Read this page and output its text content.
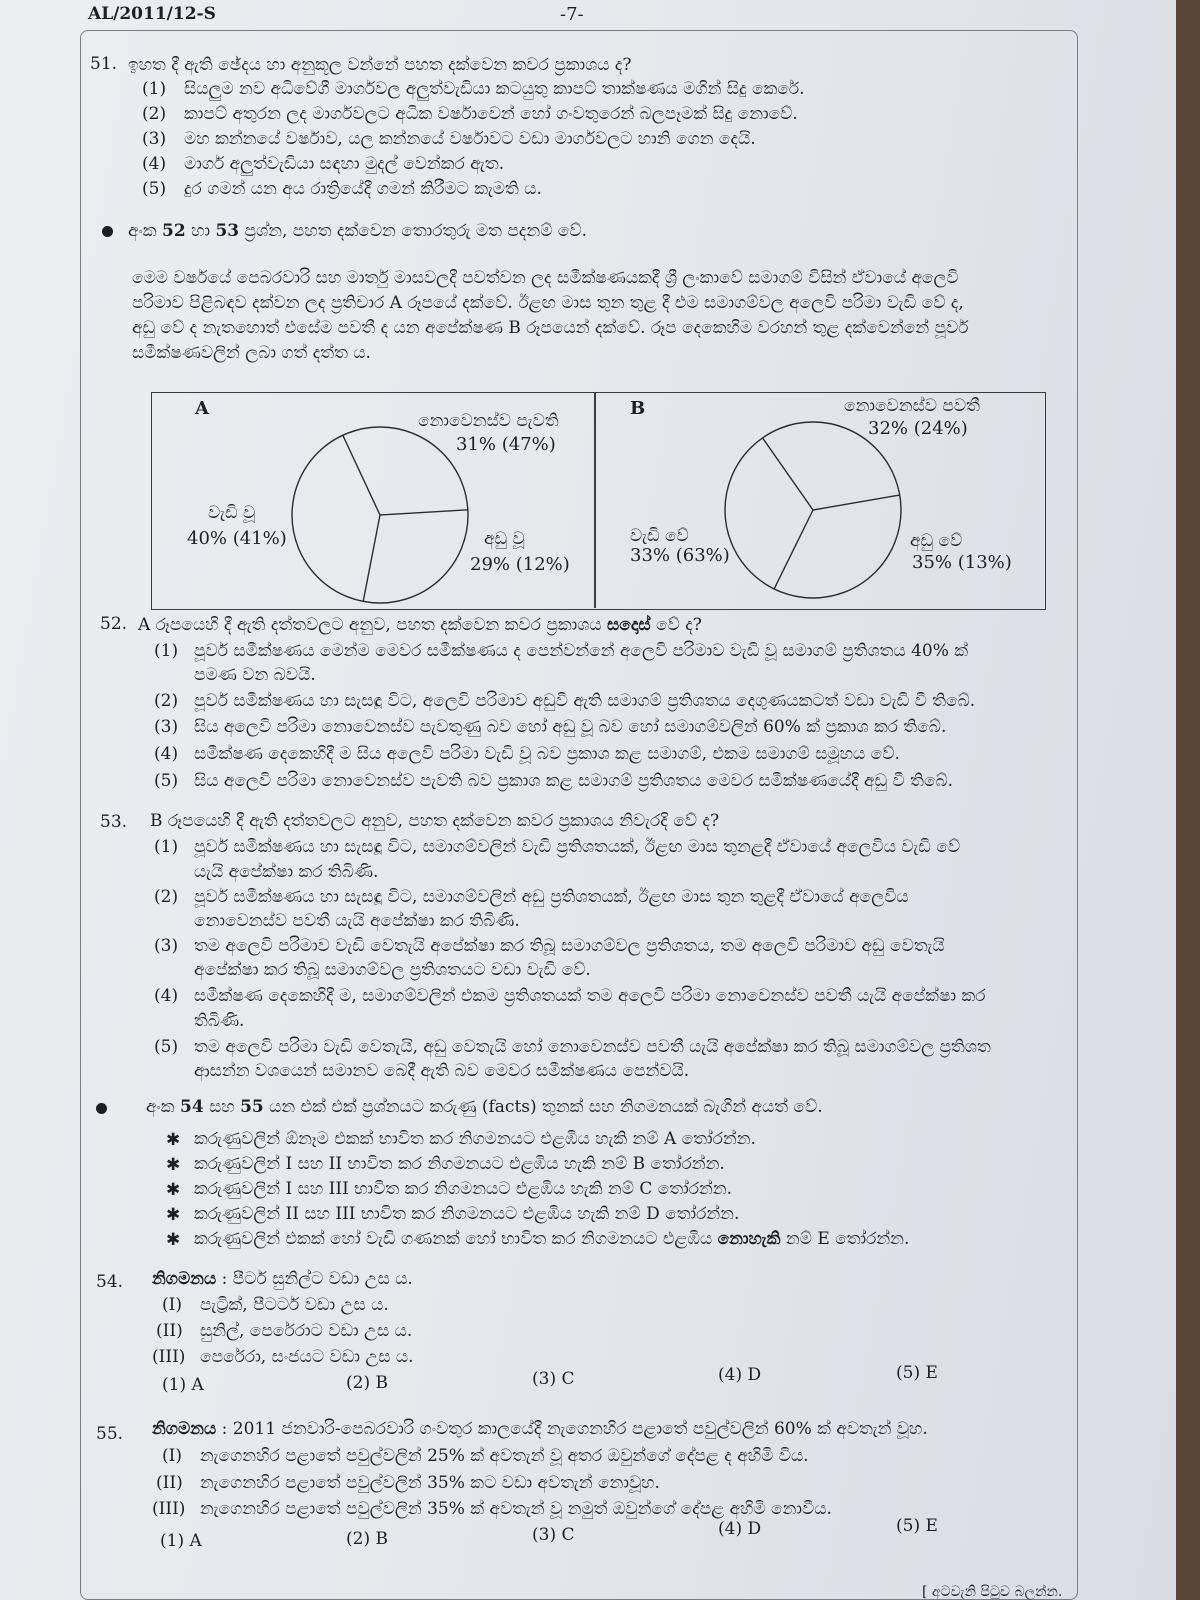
AL/2011/12-S	-7-
51. ඉහත දී ඇති ඡේදය හා අනුකූල වන්නේ පහත දක්වෙන කවර ප්‍රකාශය ද?
(1) සියලුම නව අධිවේගී මාර්ගවල අලුත්වැඩියා කටයුතු කාපට් තාක්ෂණය මගින් සිදු කෙරේ.
(2) කාපට් අතුරන ලද මාර්ගවලට අධික වර්ෂාවෙන් හෝ ගංවතුරෙන් බලපෑමක් සිදු නොවේ.
(3) මහ කන්නයේ වර්ෂාව, යල කන්නයේ වර්ෂාවට වඩා මාර්ගවලට හානි ගෙන දෙයි.
(4) මාර්ග අලුත්වැඩියා සඳහා මුදල් වෙන්කර ඇත.
(5) දුර ගමන් යන අය රාත්‍රියේදී ගමන් කිරීමට කැමති ය.
අංක 52 හා 53 ප්‍රශ්න, පහත දක්වෙන තොරතුරු මත පදනම් වේ.
මෙම වර්ෂයේ පෙබරවාරි සහ මාර්තු මාසවලදී පවත්වන ලද සමීක්ෂණයකදී ශ්‍රී ලංකාවේ සමාගම් විසින් ඒවායේ අලෙවි
පරිමාව පිළිබඳව දක්වන ලද ප්‍රතිචාර A රූපයේ දක්වේ. ඊළඟ මාස තුන තුළ දී එම සමාගම්වල අලෙවි පරිමා වැඩි වේ ද,
අඩු වේ ද නැතහොත් එසේම පවතී ද යන අපේක්ෂණ B රූපයෙන් දක්වේ. රූප දෙකෙහිම වරහන් තුළ දක්වෙන්නේ පූර්ව
සමීක්ෂණවලින් ලබා ගත් දත්ත ය.
A
නොවෙනස්ව පැවති
31% (47%)
වැඩි වූ
40% (41%)	අඩු වූ
29% (12%)
B	නොවෙනස්ව පවතී
32% (24%)
වැඩි වේ
33% (63%)
අඩු වේ
35% (13%)
52. A රූපයෙහි දී ඇති දත්තවලට අනුව, පහත දක්වෙන කවර ප්‍රකාශය සදොස් වේ ද?
(1) පූර්ව සමීක්ෂණය මෙන්ම මෙවර සමීක්ෂණය ද පෙන්වන්නේ අලෙවි පරිමාව වැඩි වූ සමාගම් ප්‍රතිශතය 40% ක්
පමණ වන බවයි.
(2) පූර්ව සමීක්ෂණය හා සැසඳූ විට, අලෙවි පරිමාව අඩුවී ඇති සමාගම් ප්‍රතිශතය දෙගුණයකටත් වඩා වැඩි වී තිබේ.
(3) සිය අලෙවි පරිමා නොවෙනස්ව පැවතුණු බව හෝ අඩු වූ බව හෝ සමාගම්වලින් 60% ක් ප්‍රකාශ කර තිබේ.
(4) සමීක්ෂණ දෙකෙහිදී ම සිය අලෙවි පරිමා වැඩි වූ බව ප්‍රකාශ කළ සමාගම්, එකම සමාගම් සමූහය වේ.
(5) සිය අලෙවි පරිමා නොවෙනස්ව පැවති බව ප්‍රකාශ කළ සමාගම් ප්‍රතිශතය මෙවර සමීක්ෂණයේදී අඩු වී තිබේ.
53. B රූපයෙහි දී ඇති දත්තවලට අනුව, පහත දක්වෙන කවර ප්‍රකාශය නිවැරදි වේ ද?
(1) පූර්ව සමීක්ෂණය හා සැසඳූ විට, සමාගම්වලින් වැඩි ප්‍රතිශතයක්, ඊළඟ මාස තුනළදී ඒවායේ අලෙවිය වැඩි වේ
යැයි අපේක්ෂා කර තිබිණි.
(2) පූර්ව සමීක්ෂණය හා සැසඳූ විට, සමාගම්වලින් අඩු ප්‍රතිශතයක්, ඊළඟ මාස තුන තුළදී ඒවායේ අලෙවිය
නොවෙනස්ව පවතී යැයි අපේක්ෂා කර තිබිණි.
(3) තම අලෙවි පරිමාව වැඩි වෙතැයි අපේක්ෂා කර තිබූ සමාගම්වල ප්‍රතිශතය, තම අලෙවි පරිමාව අඩු වෙතැයි
අපේක්ෂා කර තිබූ සමාගම්වල ප්‍රතිශතයට වඩා වැඩි වේ.
(4) සමීක්ෂණ දෙකෙහිදී ම, සමාගම්වලින් එකම ප්‍රතිශතයක් තම අලෙවි පරිමා නොවෙනස්ව පවතී යැයි අපේක්ෂා කර
තිබිණි.
(5) තම අලෙවි පරිමා වැඩි වෙතැයි, අඩු වෙතැයි හෝ නොවෙනස්ව පවතී යැයි අපේක්ෂා කර තිබූ සමාගම්වල ප්‍රතිශත
ආසන්න වශයෙන් සමානව බෙදී ඇති බව මෙවර සමීක්ෂණය පෙන්වයි.
අංක 54 සහ 55 යන එක් එක් ප්‍රශ්නයට කරුණු (facts) තුනක් සහ නිගමනයක් බැගින් අයත් වේ.
✱ කරුණුවලින් ඕනෑම එකක් භාවිත කර නිගමනයට එළඹිය හැකි නම් A තෝරන්න.
✱ කරුණුවලින් I සහ II භාවිත කර නිගමනයට එළඹිය හැකි නම් B තෝරන්න.
✱ කරුණුවලින් I සහ III භාවිත කර නිගමනයට එළඹිය හැකි නම් C තෝරන්න.
✱ කරුණුවලින් II සහ III භාවිත කර නිගමනයට එළඹිය හැකි නම් D තෝරන්න.
✱ කරුණුවලින් එකක් හෝ වැඩි ගණනක් හෝ භාවිත කර නිගමනයට එළඹිය නොහැකි නම් E තෝරන්න.
54. නිගමනය : පීටර් සුනිල්ට වඩා උස ය.
(I) පැට්‍රික්, පීටර්ට වඩා උස ය.
(II) සුනිල්, පෙරේරාට වඩා උස ය.
(III) පෙරේරා, සංජයට වඩා උස ය.
(1) A	(2) B	(3) C	(4) D	(5) E
55. නිගමනය : 2011 ජනවාරි-පෙබරවාරි ගංවතුර කාලයේදී නැගෙනහිර පළාතේ පවුල්වලින් 60% ක් අවතැන් වූහ.
(I) නැගෙනහිර පළාතේ පවුල්වලින් 25% ක් අවතැන් වූ අතර ඔවුන්ගේ දේපළ ද අහිමි විය.
(II) නැගෙනහිර පළාතේ පවුල්වලින් 35% කට වඩා අවතැන් නොවූහ.
(III) නැගෙනහිර පළාතේ පවුල්වලින් 35% ක් අවතැන් වූ නමුත් ඔවුන්ගේ දේපළ අහිමි නොවීය.
(1) A	(2) B	(3) C	(4) D	(5) E
[ අටවැනි පිටුව බලන්න.
